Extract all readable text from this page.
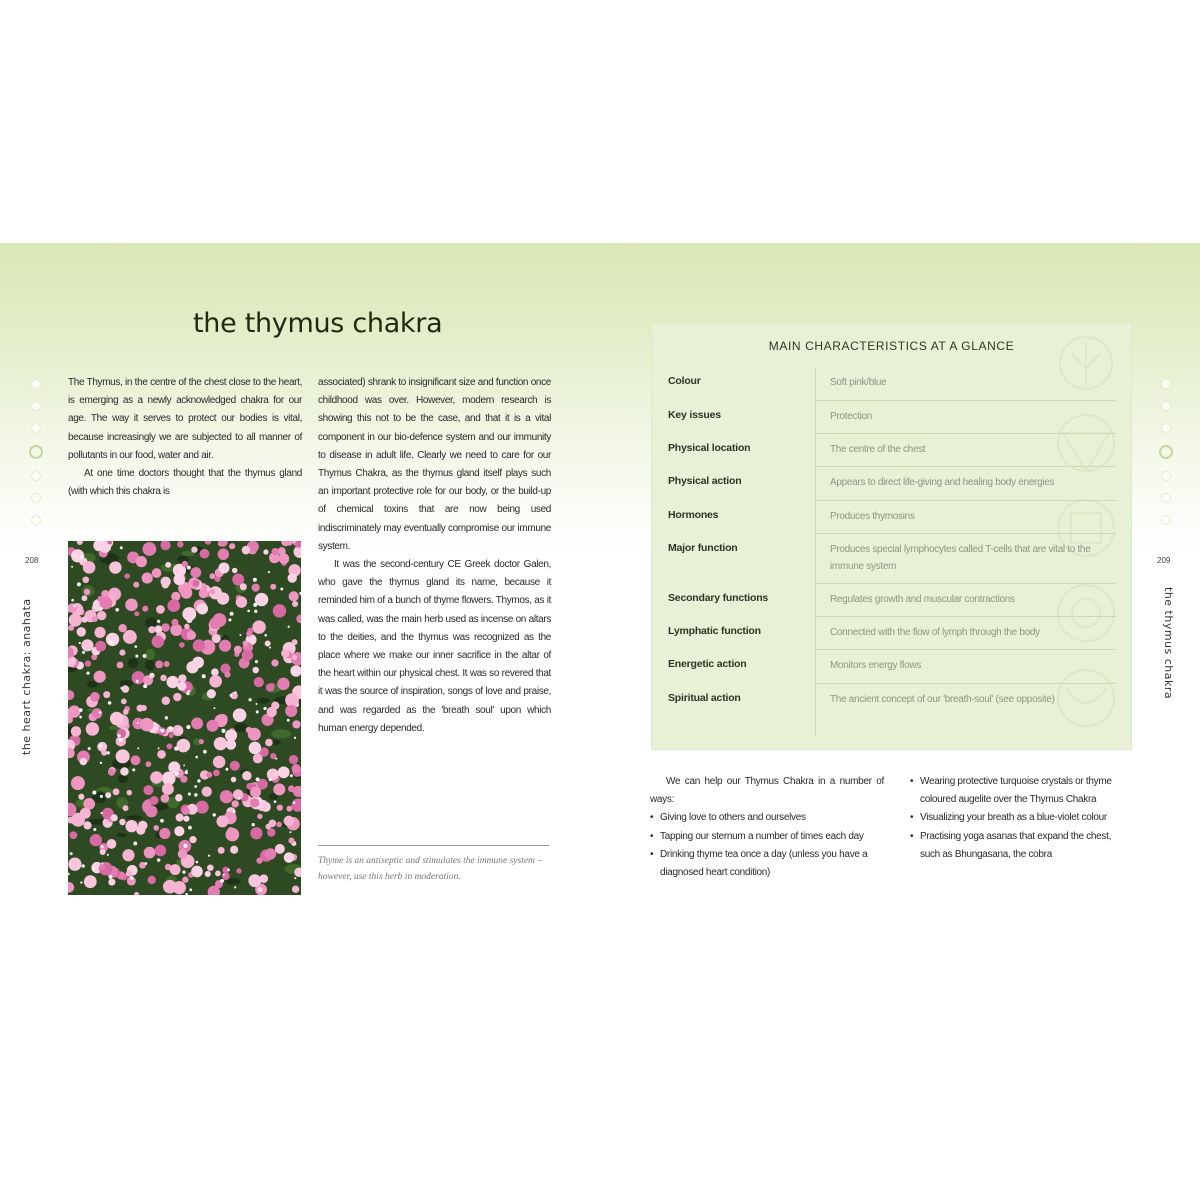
the thymus chakra
208
the heart chakra: anahata

The Thymus, in the centre of the chest close to the heart, is emerging as a newly acknowledged chakra for our age. The way it serves to protect our bodies is vital, because increasingly we are subjected to all manner of pollutants in our food, water and air.

At one time doctors thought that the thymus gland (with which this chakra is

associated) shrank to insignificant size and function once childhood was over. However, modern research is showing this not to be the case, and that it is a vital component in our bio-defence system and our immunity to disease in adult life. Clearly we need to care for our Thymus Chakra, as the thymus gland itself plays such an important protective role for our body, or the build-up of chemical toxins that are now being used indiscriminately may eventually compromise our immune system.

It was the second-century CE Greek doctor Galen, who gave the thymus gland its name, because it reminded him of a bunch of thyme flowers. Thymos, as it was called, was the main herb used as incense on altars to the deities, and the thymus was recognized as the place where we make our inner sacrifice in the altar of the heart within our physical chest. It was so revered that it was the source of inspiration, songs of love and praise, and was regarded as the 'breath soul' upon which human energy depended.

Thyme is an antiseptic and stimulates the immune system – however, use this herb in moderation.
MAIN CHARACTERISTICS AT A GLANCE
Colour	Soft pink/blue
Key issues	Protection
Physical location	The centre of the chest
Physical action	Appears to direct life-giving and healing body energies
Hormones	Produces thymosins
Major function	Produces special lymphocytes called T-cells that are vital to the immune system
Secondary functions	Regulates growth and muscular contractions
Lymphatic function	Connected with the flow of lymph through the body
Energetic action	Monitors energy flows
Spiritual action	The ancient concept of our 'breath-soul' (see opposite)
209
the thymus chakra

We can help our Thymus Chakra in a number of ways:

• Giving love to others and ourselves
• Tapping our sternum a number of times each day
• Drinking thyme tea once a day (unless you have a diagnosed heart condition)
• Wearing protective turquoise crystals or thyme coloured augelite over the Thymus Chakra
• Visualizing your breath as a blue-violet colour
• Practising yoga asanas that expand the chest, such as Bhungasana, the cobra
